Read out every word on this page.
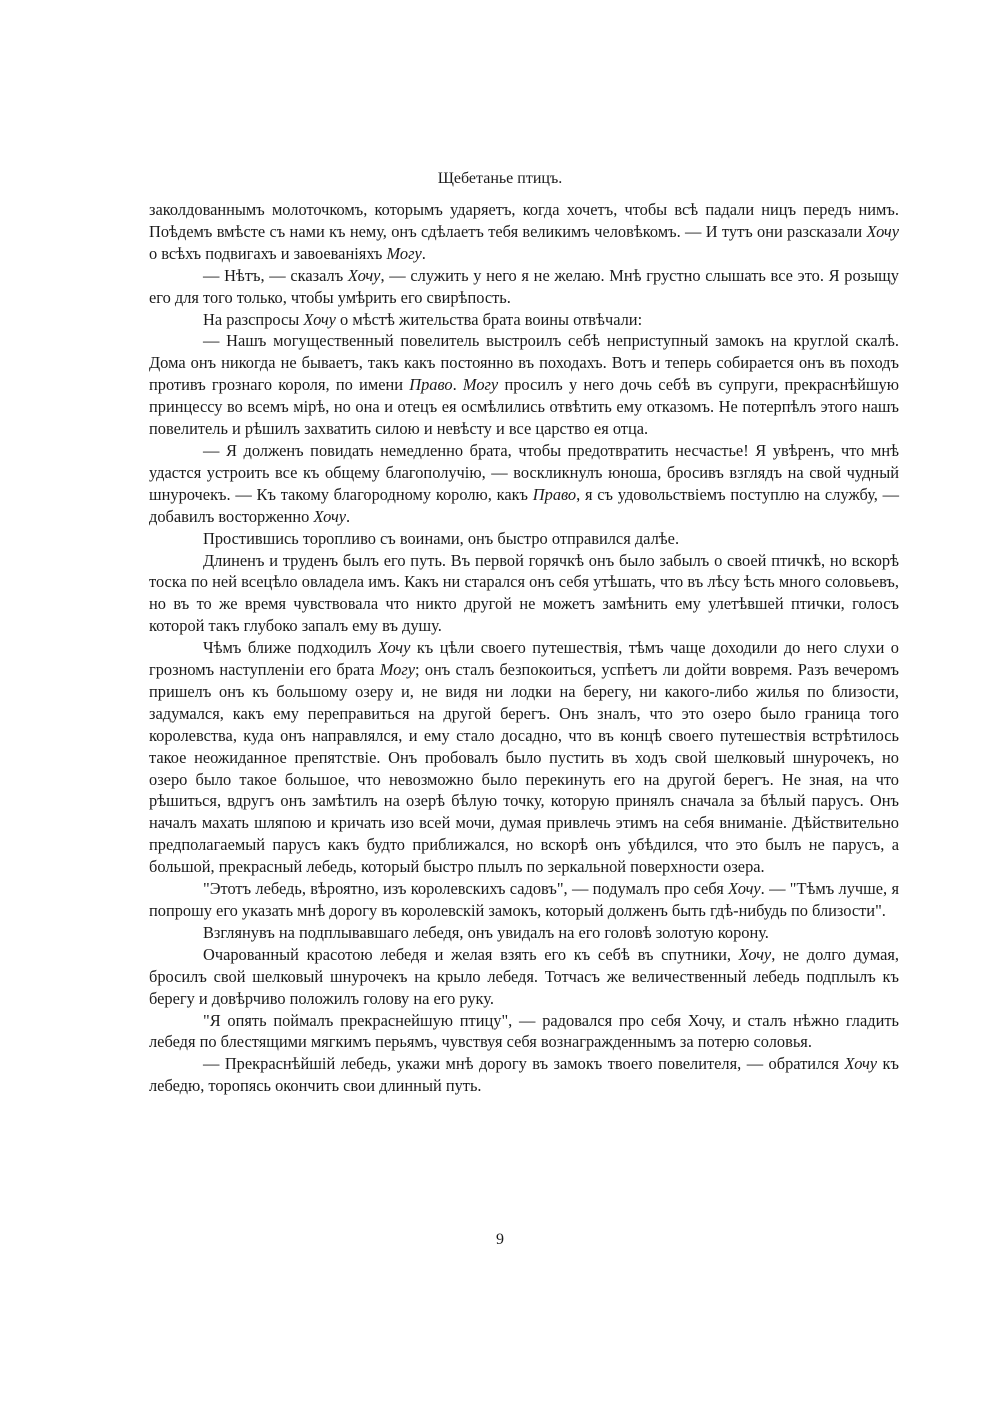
Щебетанье птицъ.

заколдованнымъ молоточкомъ, которымъ ударяетъ, когда хочетъ, чтобы всѣ падали ницъ передъ нимъ. Поѣдемъ вмѣсте съ нами къ нему, онъ сдѣлаетъ тебя великимъ человѣкомъ. — И тутъ они разсказали Хочу о всѣхъ подвигахъ и завоеваніяхъ Могу.

— Нѣтъ, — сказалъ Хочу, — служить у него я не желаю. Мнѣ грустно слышать все это. Я розыщу его для того только, чтобы умѣрить его свирѣпость.

На разспросы Хочу о мѣстѣ жительства брата воины отвѣчали:

— Нашъ могущественный повелитель выстроилъ себѣ неприступный замокъ на круглой скалѣ. Дома онъ никогда не бываетъ, такъ какъ постоянно въ походахъ. Вотъ и теперь собирается онъ въ походъ противъ грознаго короля, по имени Право. Могу просилъ у него дочь себѣ въ супруги, прекраснѣйшую принцессу во всемъ мірѣ, но она и отецъ ея осмѣлились отвѣтить ему отказомъ. Не потерпѣлъ этого нашъ повелитель и рѣшилъ захватить силою и невѣсту и все царство ея отца.

— Я долженъ повидать немедленно брата, чтобы предотвратить несчастье! Я увѣренъ, что мнѣ удастся устроить все къ общему благополучію, — воскликнулъ юноша, бросивъ взглядъ на свой чудный шнурочекъ. — Къ такому благородному королю, какъ Право, я съ удовольствіемъ поступлю на службу, — добавилъ восторженно Хочу.

Простившись торопливо съ воинами, онъ быстро отправился далѣе.

Длиненъ и труденъ былъ его путь. Въ первой горячкѣ онъ было забылъ о своей птичкѣ, но вскорѣ тоска по ней всецѣло овладела имъ. Какъ ни старался онъ себя утѣшать, что въ лѣсу ѣсть много соловьевъ, но въ то же время чувствовала что никто другой не можетъ замѣнить ему улетѣвшей птички, голосъ которой такъ глубоко запалъ ему въ душу.

Чѣмъ ближе подходилъ Хочу къ цѣли своего путешествія, тѣмъ чаще доходили до него слухи о грозномъ наступленіи его брата Могу; онъ сталъ безпокоиться, успѣетъ ли дойти вовремя. Разъ вечеромъ пришелъ онъ къ большому озеру и, не видя ни лодки на берегу, ни какого-либо жилья по близости, задумался, какъ ему переправиться на другой берегъ. Онъ зналъ, что это озеро было граница того королевства, куда онъ направлялся, и ему стало досадно, что въ концѣ своего путешествія встрѣтилось такое неожиданное препятствіе. Онъ пробовалъ было пустить въ ходъ свой шелковый шнурочекъ, но озеро было такое большое, что невозможно было перекинуть его на другой берегъ. Не зная, на что рѣшиться, вдругъ онъ замѣтилъ на озерѣ бѣлую точку, которую принялъ сначала за бѣлый парусъ. Онъ началъ махать шляпою и кричать изо всей мочи, думая привлечь этимъ на себя вниманіе. Дѣйствительно предполагаемый парусъ какъ будто приближался, но вскорѣ онъ убѣдился, что это былъ не парусъ, а большой, прекрасный лебедь, который быстро плылъ по зеркальной поверхности озера.

"Этотъ лебедь, вѣроятно, изъ королевскихъ садовъ", — подумалъ про себя Хочу. — "Тѣмъ лучше, я попрошу его указать мнѣ дорогу въ королевскій замокъ, который долженъ быть гдѣ-нибудь по близости".

Взглянувъ на подплывавшаго лебедя, онъ увидалъ на его головѣ золотую корону.

Очарованный красотою лебедя и желая взять его къ себѣ въ спутники, Хочу, не долго думая, бросилъ свой шелковый шнурочекъ на крыло лебедя. Тотчасъ же величественный лебедь подплылъ къ берегу и довѣрчиво положилъ голову на его руку.

"Я опять поймалъ прекраснейшую птицу", — радовался про себя Хочу, и сталъ нѣжно гладить лебедя по блестящими мягкимъ перьямъ, чувствуя себя вознагражденнымъ за потерю соловья.

— Прекраснѣйшій лебедь, укажи мнѣ дорогу въ замокъ твоего повелителя, — обратился Хочу къ лебедю, торопясь окончить свои длинный путь.

9
